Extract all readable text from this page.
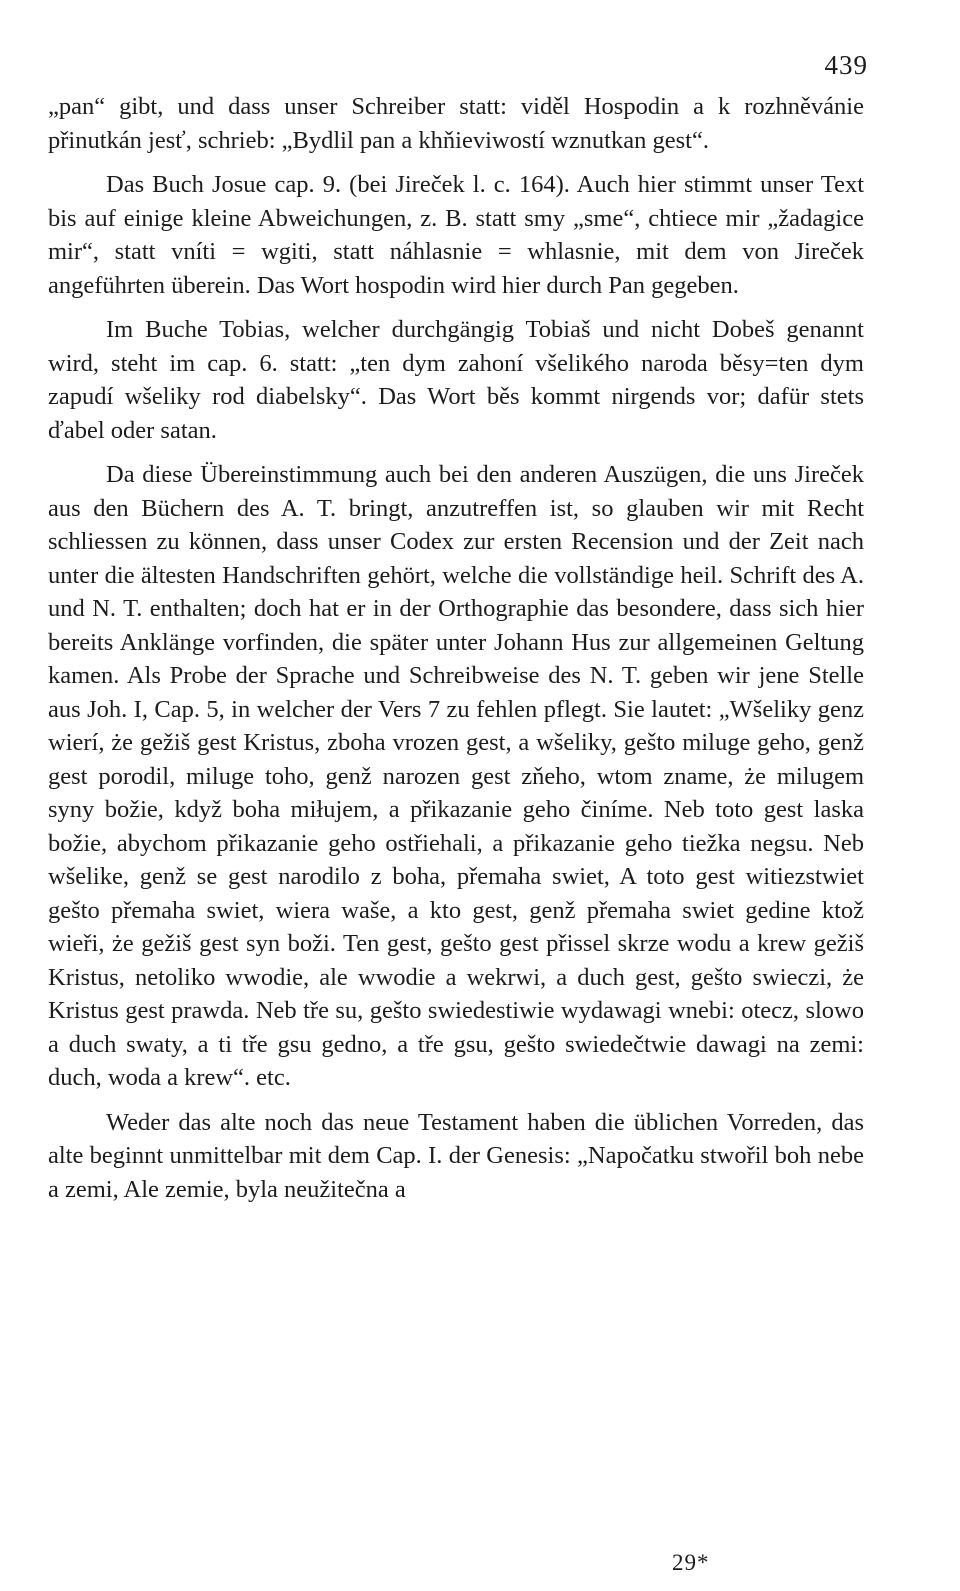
439

„pan“ gibt, und dass unser Schreiber statt: viděl Hospodin a k rozhněvánie přinutkán jesť, schrieb: „Bydlil pan a khňieviwostí wznutkan gest“.

Das Buch Josue cap. 9. (bei Jireček l. c. 164). Auch hier stimmt unser Text bis auf einige kleine Abweichungen, z. B. statt smy „sme“, chtiece mir „žadagice mir“, statt vníti = wgiti, statt náhlasnie = whlasnie, mit dem von Jireček angeführten überein. Das Wort hospodin wird hier durch Pan gegeben.

Im Buche Tobias, welcher durchgängig Tobiaš und nicht Dobeš genannt wird, steht im cap. 6. statt: „ten dym zahoní všelikého naroda běsy=ten dym zapudí wšeliky rod diabelsky“. Das Wort běs kommt nirgends vor; dafür stets ďabel oder satan.

Da diese Übereinstimmung auch bei den anderen Auszügen, die uns Jireček aus den Büchern des A. T. bringt, anzutreffen ist, so glauben wir mit Recht schliessen zu können, dass unser Codex zur ersten Recension und der Zeit nach unter die ältesten Handschriften gehört, welche die vollständige heil. Schrift des A. und N. T. enthalten; doch hat er in der Orthographie das besondere, dass sich hier bereits Anklänge vorfinden, die später unter Johann Hus zur allgemeinen Geltung kamen. Als Probe der Sprache und Schreibweise des N. T. geben wir jene Stelle aus Joh. I, Cap. 5, in welcher der Vers 7 zu fehlen pflegt. Sie lautet: „Wšeliky genz wierí, że gežiš gest Kristus, zboha vrozen gest, a wšeliky, gešto miluge geho, genž gest porodil, miluge toho, genž narozen gest zňeho, wtom zname, że milugem syny božie, když boha miłujem, a přikazanie geho činíme. Neb toto gest laska božie, abychom přikazanie geho ostřiehali, a přikazanie geho tiežka negsu. Neb wšelike, genž se gest narodilo z boha, přemaha swiet, A toto gest witiezstwiet gešto přemaha swiet, wiera waše, a kto gest, genž přemaha swiet gedine ktož wieři, że gežiš gest syn boži. Ten gest, gešto gest přissel skrze wodu a krew gežiš Kristus, netoliko wwodie, ale wwodie a wekrwi, a duch gest, gešto swieczi, że Kristus gest prawda. Neb tře su, gešto swiedestiwie wydawagi wnebi: otecz, slowo a duch swaty, a ti tře gsu gedno, a tře gsu, gešto swiedečtwie dawagi na zemi: duch, woda a krew“. etc.

Weder das alte noch das neue Testament haben die üblichen Vorreden, das alte beginnt unmittelbar mit dem Cap. I. der Genesis: „Napočatku stwořil boh nebe a zemi, Ale zemie, byla neužitečna a

29*
